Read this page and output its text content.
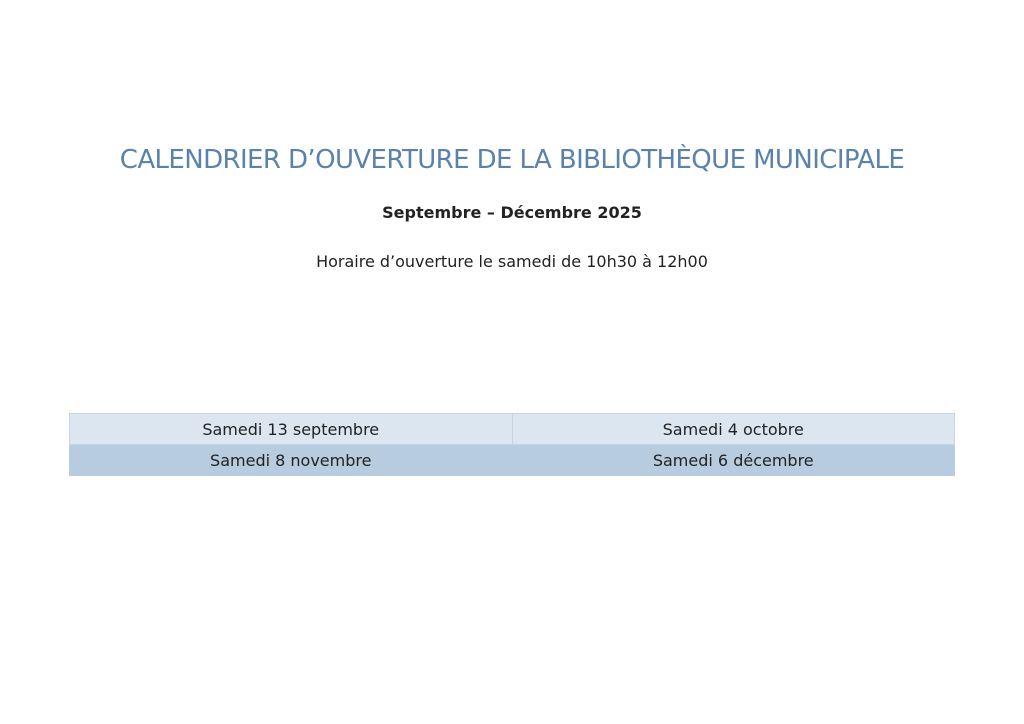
CALENDRIER D’OUVERTURE DE LA BIBLIOTHÈQUE MUNICIPALE

Septembre – Décembre 2025

Horaire d’ouverture le samedi de 10h30 à 12h00

Samedi 13 septembre	Samedi 4 octobre
Samedi 8 novembre	Samedi 6 décembre
